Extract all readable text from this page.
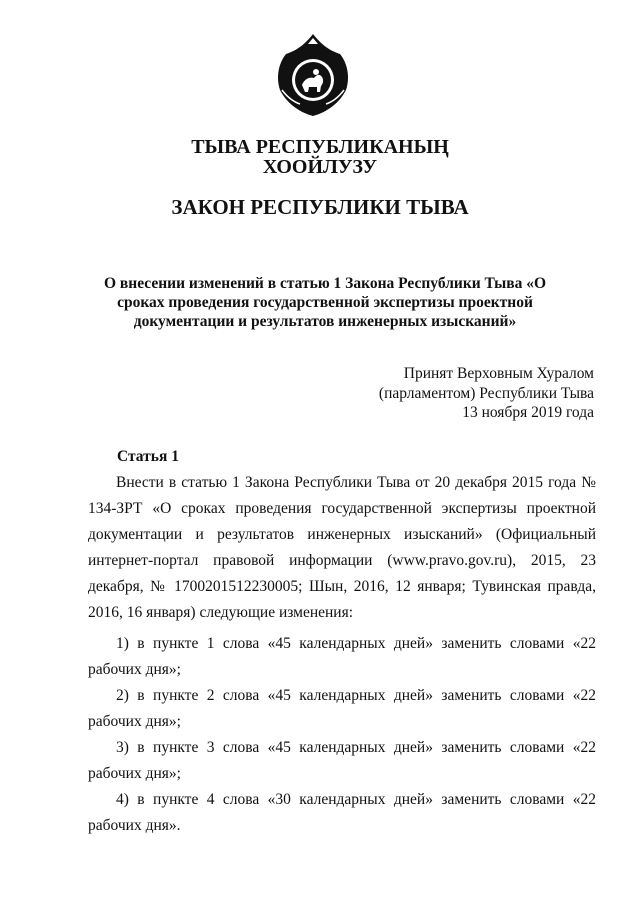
ТЫВА РЕСПУБЛИКАНЫҢ
ХООЙЛУЗУ
ЗАКОН РЕСПУБЛИКИ ТЫВА
О внесении изменений в статью 1 Закона Республики Тыва «О сроках проведения государственной экспертизы проектной документации и результатов инженерных изысканий»
Принят Верховным Хуралом
(парламентом) Республики Тыва
13 ноября 2019 года
Статья 1
Внести в статью 1 Закона Республики Тыва от 20 декабря 2015 года № 134-ЗРТ «О сроках проведения государственной экспертизы проектной документации и результатов инженерных изысканий» (Официальный интернет-портал правовой информации (www.pravo.gov.ru), 2015, 23 декабря, № 1700201512230005; Шын, 2016, 12 января; Тувинская правда, 2016, 16 января) следующие изменения:
1) в пункте 1 слова «45 календарных дней» заменить словами «22 рабочих дня»;
2) в пункте 2 слова «45 календарных дней» заменить словами «22 рабочих дня»;
3) в пункте 3 слова «45 календарных дней» заменить словами «22 рабочих дня»;
4) в пункте 4 слова «30 календарных дней» заменить словами «22 рабочих дня».
